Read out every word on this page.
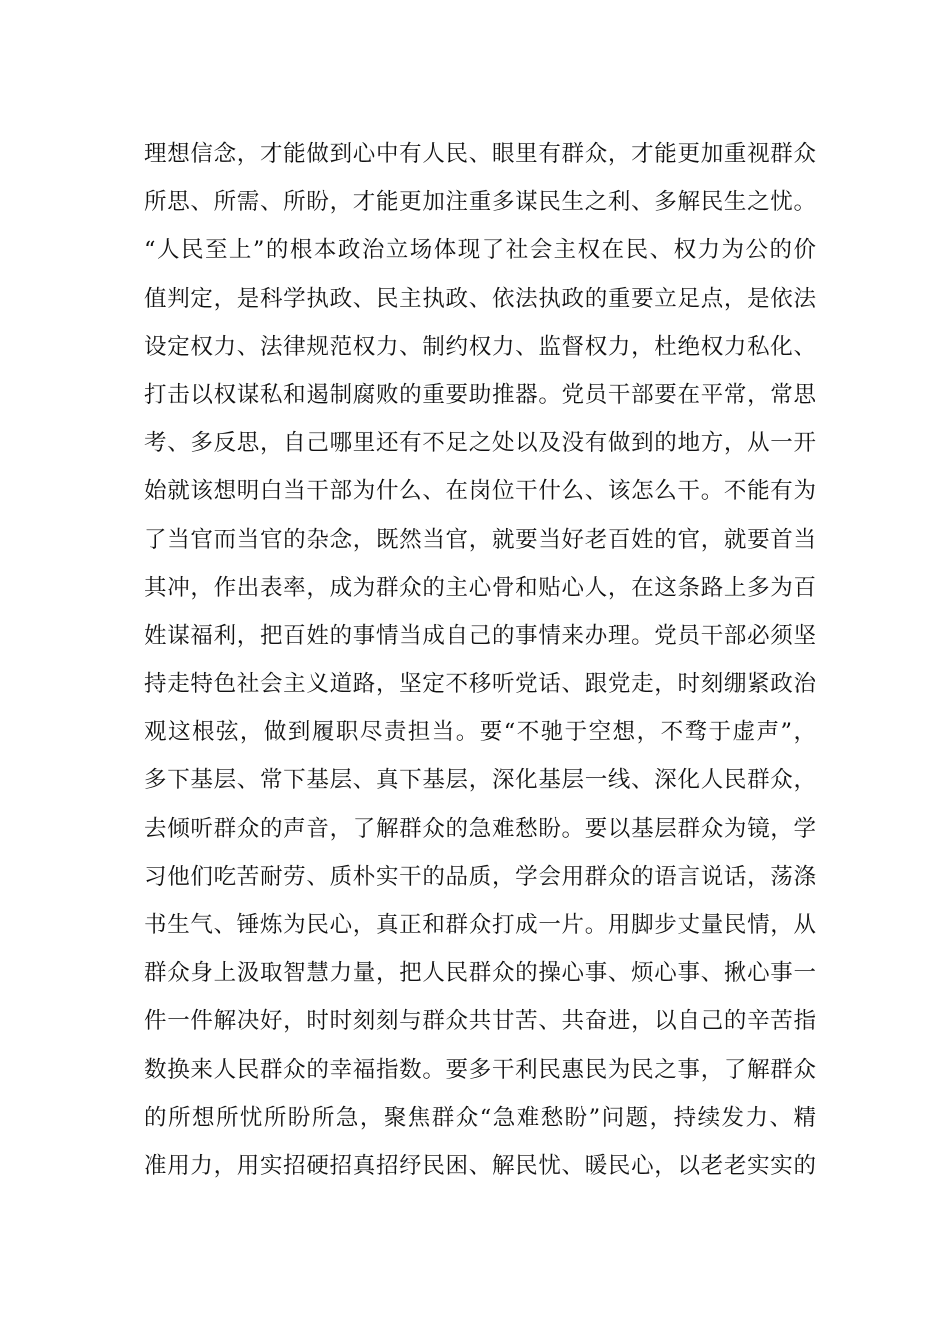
理想信念，才能做到心中有人民、眼里有群众，才能更加重视群众
所思、所需、所盼，才能更加注重多谋民生之利、多解民生之忧。
“人民至上”的根本政治立场体现了社会主权在民、权力为公的价
值判定，是科学执政、民主执政、依法执政的重要立足点，是依法
设定权力、法律规范权力、制约权力、监督权力，杜绝权力私化、
打击以权谋私和遏制腐败的重要助推器。党员干部要在平常，常思
考、多反思，自己哪里还有不足之处以及没有做到的地方，从一开
始就该想明白当干部为什么、在岗位干什么、该怎么干。不能有为
了当官而当官的杂念，既然当官，就要当好老百姓的官，就要首当
其冲，作出表率，成为群众的主心骨和贴心人，在这条路上多为百
姓谋福利，把百姓的事情当成自己的事情来办理。党员干部必须坚
持走特色社会主义道路，坚定不移听党话、跟党走，时刻绷紧政治
观这根弦，做到履职尽责担当。要“不驰于空想，不骛于虚声”，
多下基层、常下基层、真下基层，深化基层一线、深化人民群众，
去倾听群众的声音，了解群众的急难愁盼。要以基层群众为镜，学
习他们吃苦耐劳、质朴实干的品质，学会用群众的语言说话，荡涤
书生气、锤炼为民心，真正和群众打成一片。用脚步丈量民情，从
群众身上汲取智慧力量，把人民群众的操心事、烦心事、揪心事一
件一件解决好，时时刻刻与群众共甘苦、共奋进，以自己的辛苦指
数换来人民群众的幸福指数。要多干利民惠民为民之事，了解群众
的所想所忧所盼所急，聚焦群众“急难愁盼”问题，持续发力、精
准用力，用实招硬招真招纾民困、解民忧、暖民心，以老老实实的
